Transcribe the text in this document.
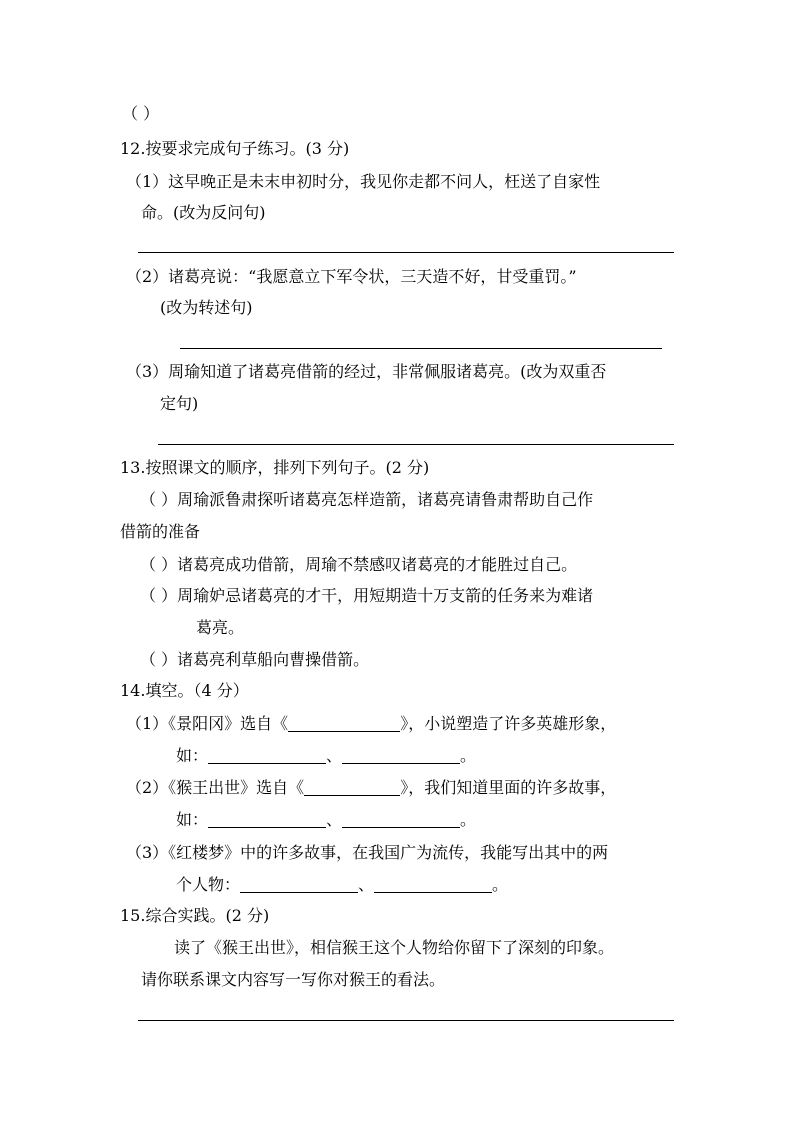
（ ）
12.按要求完成句子练习。(3 分)
（1）这早晚正是未末申初时分，我见你走都不问人，枉送了自家性
命。(改为反问句)
（2）诸葛亮说：“我愿意立下军令状，三天造不好，甘受重罚。”
(改为转述句)
（3）周瑜知道了诸葛亮借箭的经过，非常佩服诸葛亮。(改为双重否
定句)
13.按照课文的顺序，排列下列句子。(2 分)
（ ）周瑜派鲁肃探听诸葛亮怎样造箭，诸葛亮请鲁肃帮助自己作
借箭的准备
（ ）诸葛亮成功借箭，周瑜不禁感叹诸葛亮的才能胜过自己。
（ ）周瑜妒忌诸葛亮的才干，用短期造十万支箭的任务来为难诸
葛亮。
（ ）诸葛亮利草船向曹操借箭。
14.填空。（4 分）
（1）《景阳冈》选自《	》，小说塑造了许多英雄形象，
如：	、	。
（2）《猴王出世》选自《	》，我们知道里面的许多故事，
如：	、	。
（3）《红楼梦》中的许多故事，在我国广为流传，我能写出其中的两
个人物：	、	。
15.综合实践。(2 分)
读了《猴王出世》，相信猴王这个人物给你留下了深刻的印象。
请你联系课文内容写一写你对猴王的看法。
